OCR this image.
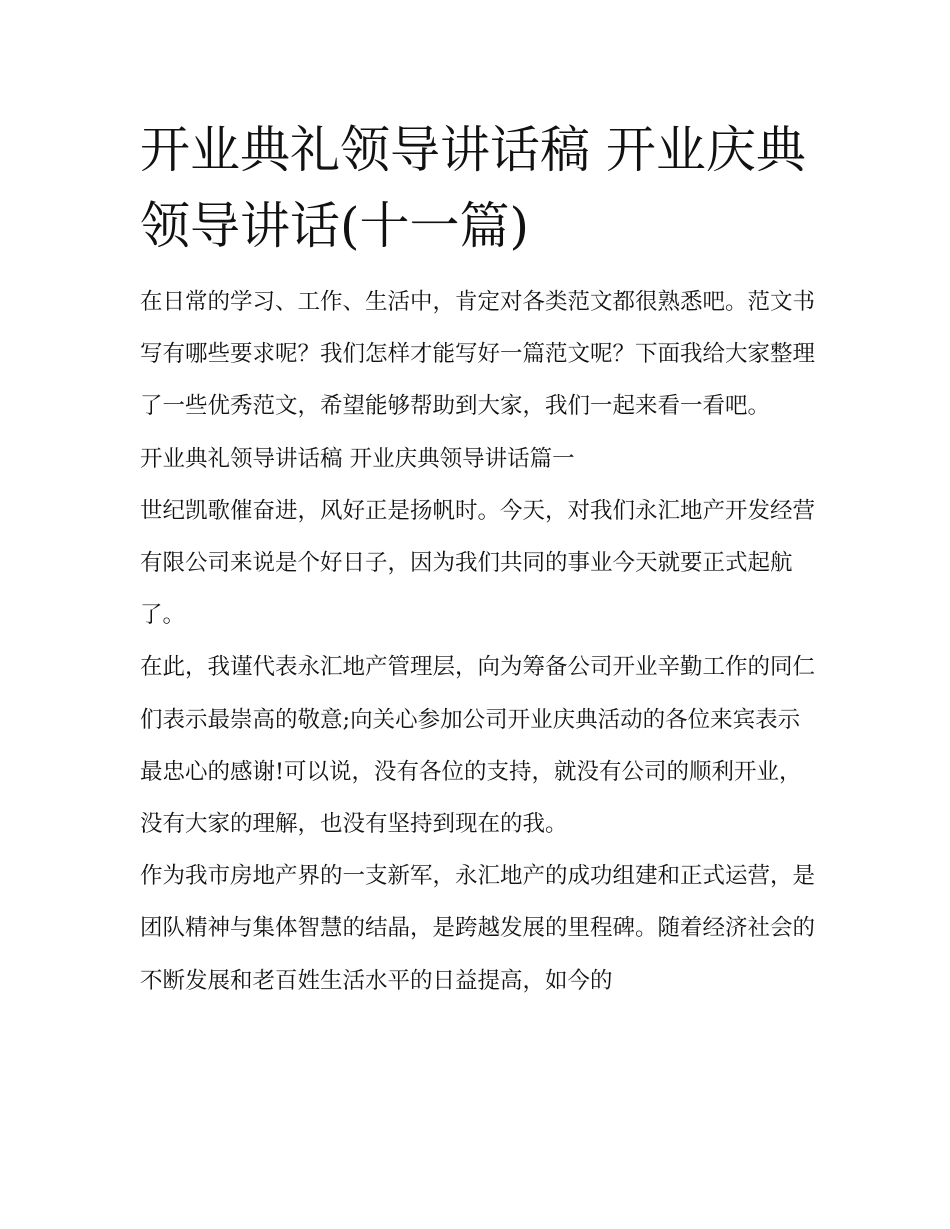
开业典礼领导讲话稿 开业庆典领导讲话(十一篇)

在日常的学习、工作、生活中，肯定对各类范文都很熟悉吧。范文书写有哪些要求呢？我们怎样才能写好一篇范文呢？下面我给大家整理了一些优秀范文，希望能够帮助到大家，我们一起来看一看吧。

开业典礼领导讲话稿 开业庆典领导讲话篇一

世纪凯歌催奋进，风好正是扬帆时。今天，对我们永汇地产开发经营有限公司来说是个好日子，因为我们共同的事业今天就要正式起航了。

在此，我谨代表永汇地产管理层，向为筹备公司开业辛勤工作的同仁们表示最崇高的敬意;向关心参加公司开业庆典活动的各位来宾表示最忠心的感谢!可以说，没有各位的支持，就没有公司的顺利开业，没有大家的理解，也没有坚持到现在的我。

作为我市房地产界的一支新军，永汇地产的成功组建和正式运营，是团队精神与集体智慧的结晶，是跨越发展的里程碑。随着经济社会的不断发展和老百姓生活水平的日益提高，如今的
